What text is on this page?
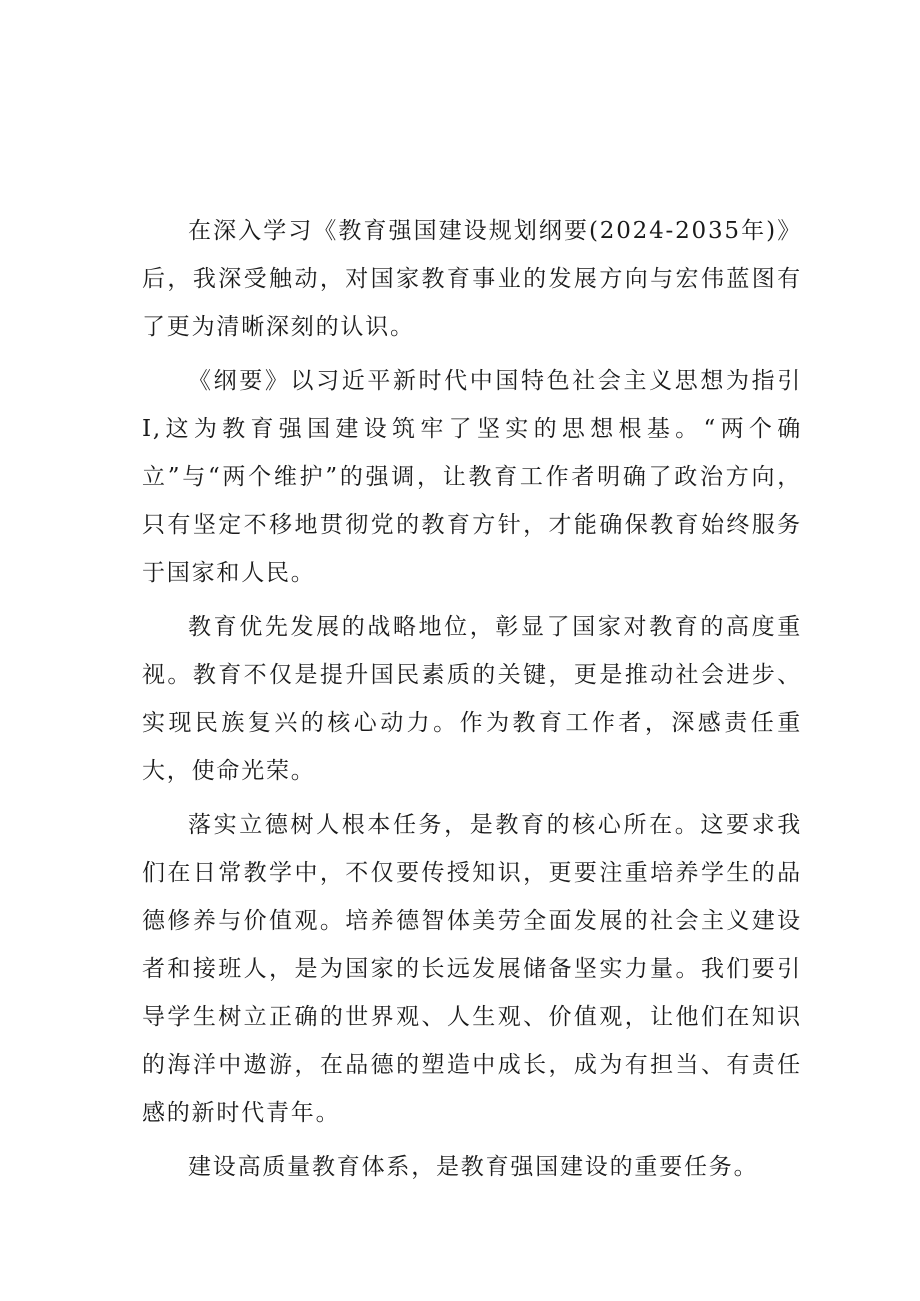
在深入学习《教育强国建设规划纲要(2024-2035年)》后，我深受触动，对国家教育事业的发展方向与宏伟蓝图有了更为清晰深刻的认识。

《纲要》以习近平新时代中国特色社会主义思想为指引I,这为教育强国建设筑牢了坚实的思想根基。“两个确立”与“两个维护”的强调，让教育工作者明确了政治方向，只有坚定不移地贯彻党的教育方针，才能确保教育始终服务于国家和人民。

教育优先发展的战略地位，彰显了国家对教育的高度重视。教育不仅是提升国民素质的关键，更是推动社会进步、实现民族复兴的核心动力。作为教育工作者，深感责任重大，使命光荣。

落实立德树人根本任务，是教育的核心所在。这要求我们在日常教学中，不仅要传授知识，更要注重培养学生的品德修养与价值观。培养德智体美劳全面发展的社会主义建设者和接班人，是为国家的长远发展储备坚实力量。我们要引导学生树立正确的世界观、人生观、价值观，让他们在知识的海洋中遨游，在品德的塑造中成长，成为有担当、有责任感的新时代青年。

建设高质量教育体系，是教育强国建设的重要任务。
